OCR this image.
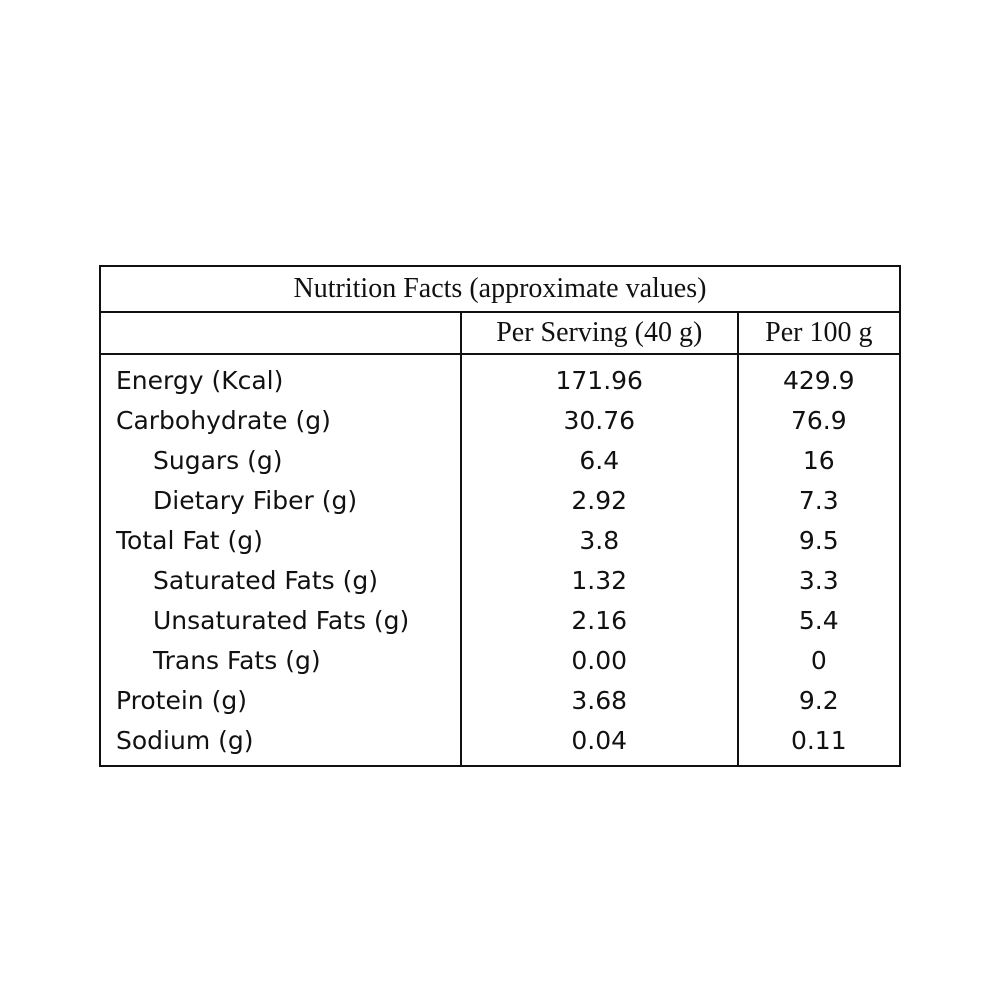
Nutrition Facts (approximate values)		
	Per Serving (40 g)	Per 100 g
Energy (Kcal)	171.96	429.9
Carbohydrate (g)	30.76	76.9
Sugars (g)	6.4	16
Dietary Fiber (g)	2.92	7.3
Total Fat (g)	3.8	9.5
Saturated Fats (g)	1.32	3.3
Unsaturated Fats (g)	2.16	5.4
Trans Fats (g)	0.00	0
Protein (g)	3.68	9.2
Sodium (g)	0.04	0.11
